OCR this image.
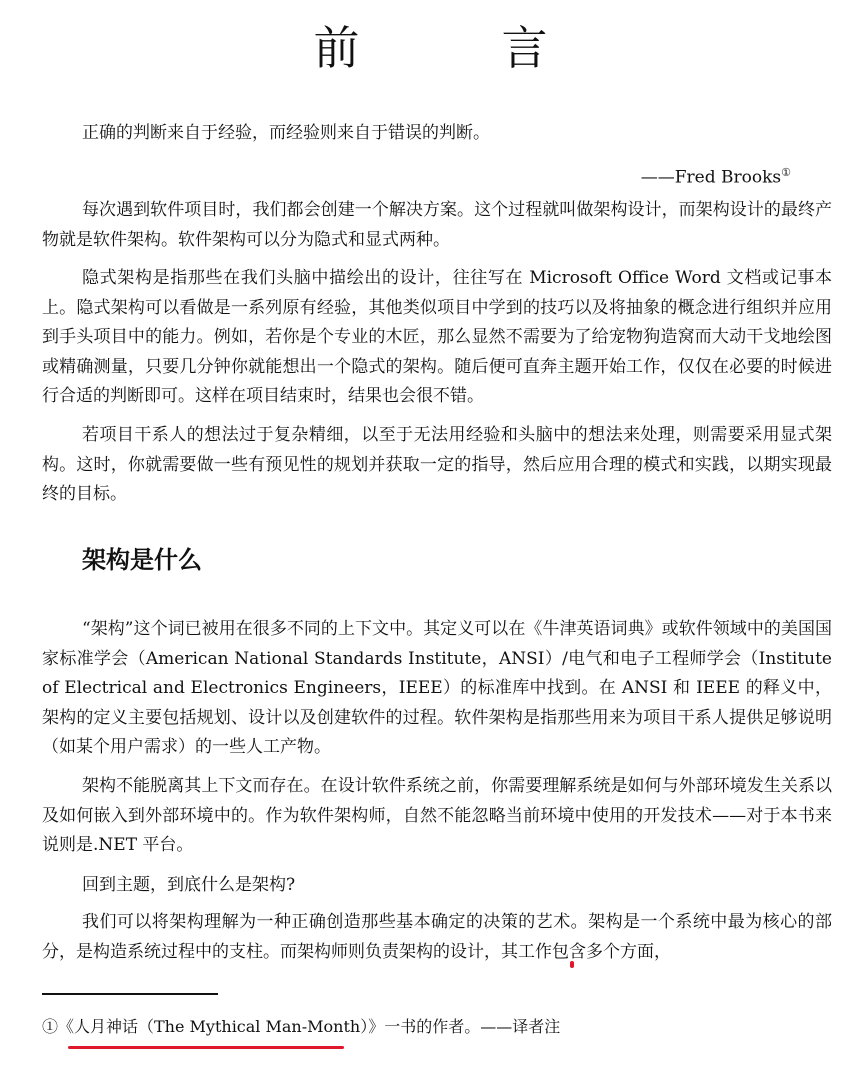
前　言

正确的判断来自于经验，而经验则来自于错误的判断。

——Fred Brooks①

每次遇到软件项目时，我们都会创建一个解决方案。这个过程就叫做架构设计，而架构设计的最终产物就是软件架构。软件架构可以分为隐式和显式两种。

隐式架构是指那些在我们头脑中描绘出的设计，往往写在 Microsoft Office Word 文档或记事本上。隐式架构可以看做是一系列原有经验，其他类似项目中学到的技巧以及将抽象的概念进行组织并应用到手头项目中的能力。例如，若你是个专业的木匠，那么显然不需要为了给宠物狗造窝而大动干戈地绘图或精确测量，只要几分钟你就能想出一个隐式的架构。随后便可直奔主题开始工作，仅仅在必要的时候进行合适的判断即可。这样在项目结束时，结果也会很不错。

若项目干系人的想法过于复杂精细，以至于无法用经验和头脑中的想法来处理，则需要采用显式架构。这时，你就需要做一些有预见性的规划并获取一定的指导，然后应用合理的模式和实践，以期实现最终的目标。

架构是什么

“架构”这个词已被用在很多不同的上下文中。其定义可以在《牛津英语词典》或软件领域中的美国国家标准学会（American National Standards Institute，ANSI）/电气和电子工程师学会（Institute of Electrical and Electronics Engineers，IEEE）的标准库中找到。在 ANSI 和 IEEE 的释义中，架构的定义主要包括规划、设计以及创建软件的过程。软件架构是指那些用来为项目干系人提供足够说明（如某个用户需求）的一些人工产物。

架构不能脱离其上下文而存在。在设计软件系统之前，你需要理解系统是如何与外部环境发生关系以及如何嵌入到外部环境中的。作为软件架构师，自然不能忽略当前环境中使用的开发技术——对于本书来说则是.NET 平台。

回到主题，到底什么是架构?

我们可以将架构理解为一种正确创造那些基本确定的决策的艺术。架构是一个系统中最为核心的部分，是构造系统过程中的支柱。而架构师则负责架构的设计，其工作包含多个方面，

①《人月神话（The Mythical Man-Month）》一书的作者。——译者注
